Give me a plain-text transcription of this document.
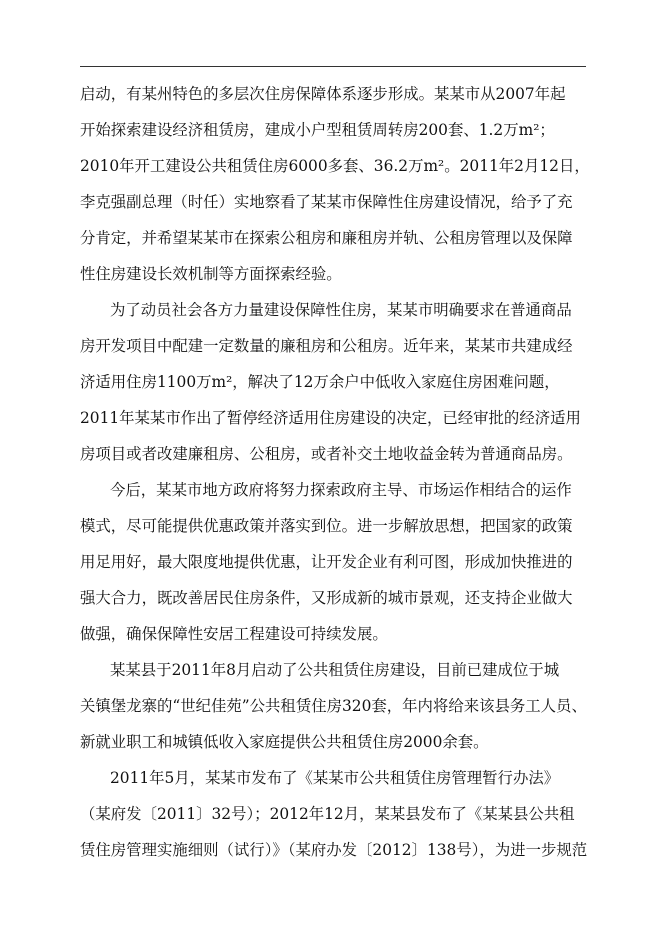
启动，有某州特色的多层次住房保障体系逐步形成。某某市从2007年起
开始探索建设经济租赁房，建成小户型租赁周转房200套、1.2万m²；
2010年开工建设公共租赁住房6000多套、36.2万m²。2011年2月12日，
李克强副总理（时任）实地察看了某某市保障性住房建设情况，给予了充
分肯定，并希望某某市在探索公租房和廉租房并轨、公租房管理以及保障
性住房建设长效机制等方面探索经验。
为了动员社会各方力量建设保障性住房，某某市明确要求在普通商品
房开发项目中配建一定数量的廉租房和公租房。近年来，某某市共建成经
济适用住房1100万m²，解决了12万余户中低收入家庭住房困难问题，
2011年某某市作出了暂停经济适用住房建设的决定，已经审批的经济适用
房项目或者改建廉租房、公租房，或者补交土地收益金转为普通商品房。
今后，某某市地方政府将努力探索政府主导、市场运作相结合的运作
模式，尽可能提供优惠政策并落实到位。进一步解放思想，把国家的政策
用足用好，最大限度地提供优惠，让开发企业有利可图，形成加快推进的
强大合力，既改善居民住房条件，又形成新的城市景观，还支持企业做大
做强，确保保障性安居工程建设可持续发展。
某某县于2011年8月启动了公共租赁住房建设，目前已建成位于城
关镇堡龙寨的“世纪佳苑”公共租赁住房320套，年内将给来该县务工人员、
新就业职工和城镇低收入家庭提供公共租赁住房2000余套。
2011年5月，某某市发布了《某某市公共租赁住房管理暂行办法》
（某府发〔2011〕32号）；2012年12月，某某县发布了《某某县公共租
赁住房管理实施细则（试行）》（某府办发〔2012〕138号），为进一步规范
